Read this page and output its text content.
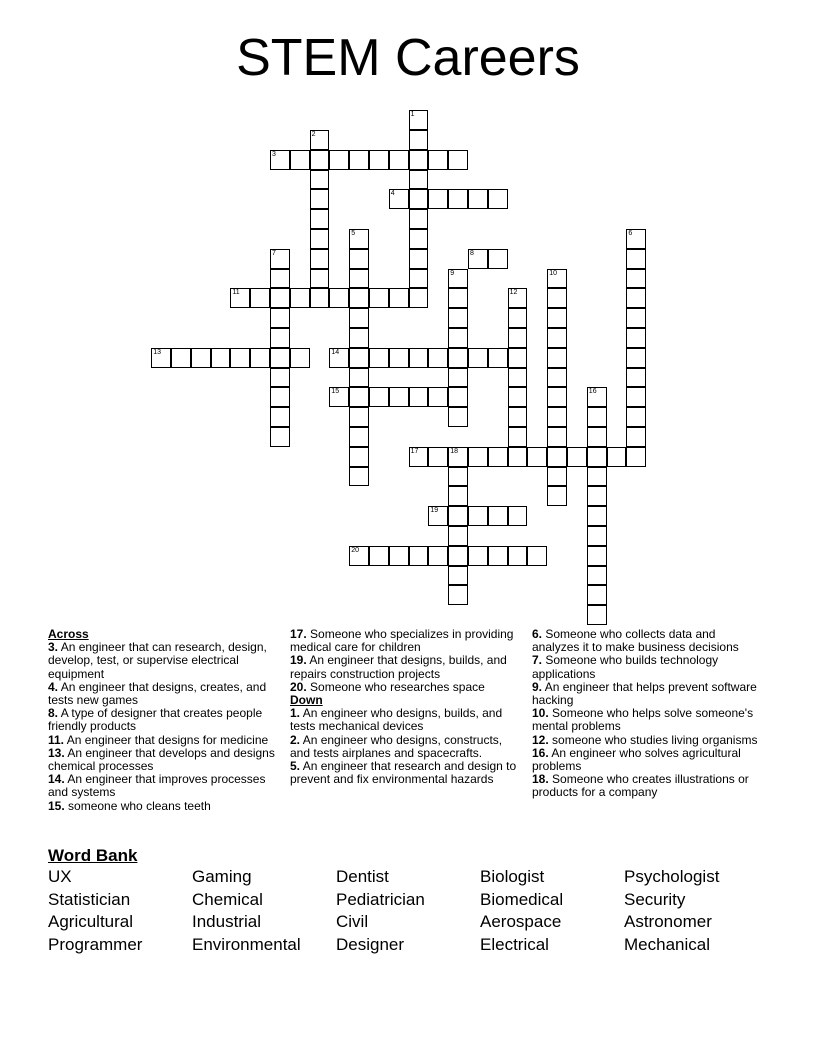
STEM Careers
1
2
3
4
5	6
7	8
9	10
11	12
13	14
15	16
17	18
19
20
Across
3. An engineer that can research, design, develop, test, or supervise electrical equipment
4. An engineer that designs, creates, and tests new games
8. A type of designer that creates people friendly products
11. An engineer that designs for medicine
13. An engineer that develops and designs chemical processes
14. An engineer that improves processes and systems
15. someone who cleans teeth
17. Someone who specializes in providing medical care for children
19. An engineer that designs, builds, and repairs construction projects
20. Someone who researches space
Down
1. An engineer who designs, builds, and tests mechanical devices
2. An engineer who designs, constructs, and tests airplanes and spacecrafts.
5. An engineer that research and design to prevent and fix environmental hazards
6. Someone who collects data and analyzes it to make business decisions
7. Someone who builds technology applications
9. An engineer that helps prevent software hacking
10. Someone who helps solve someone's mental problems
12. someone who studies living organisms
16. An engineer who solves agricultural problems
18. Someone who creates illustrations or products for a company
Word Bank
UX	Gaming	Dentist	Biologist	Psychologist
Statistician	Chemical	Pediatrician	Biomedical	Security
Agricultural	Industrial	Civil	Aerospace	Astronomer
Programmer	Environmental	Designer	Electrical	Mechanical
